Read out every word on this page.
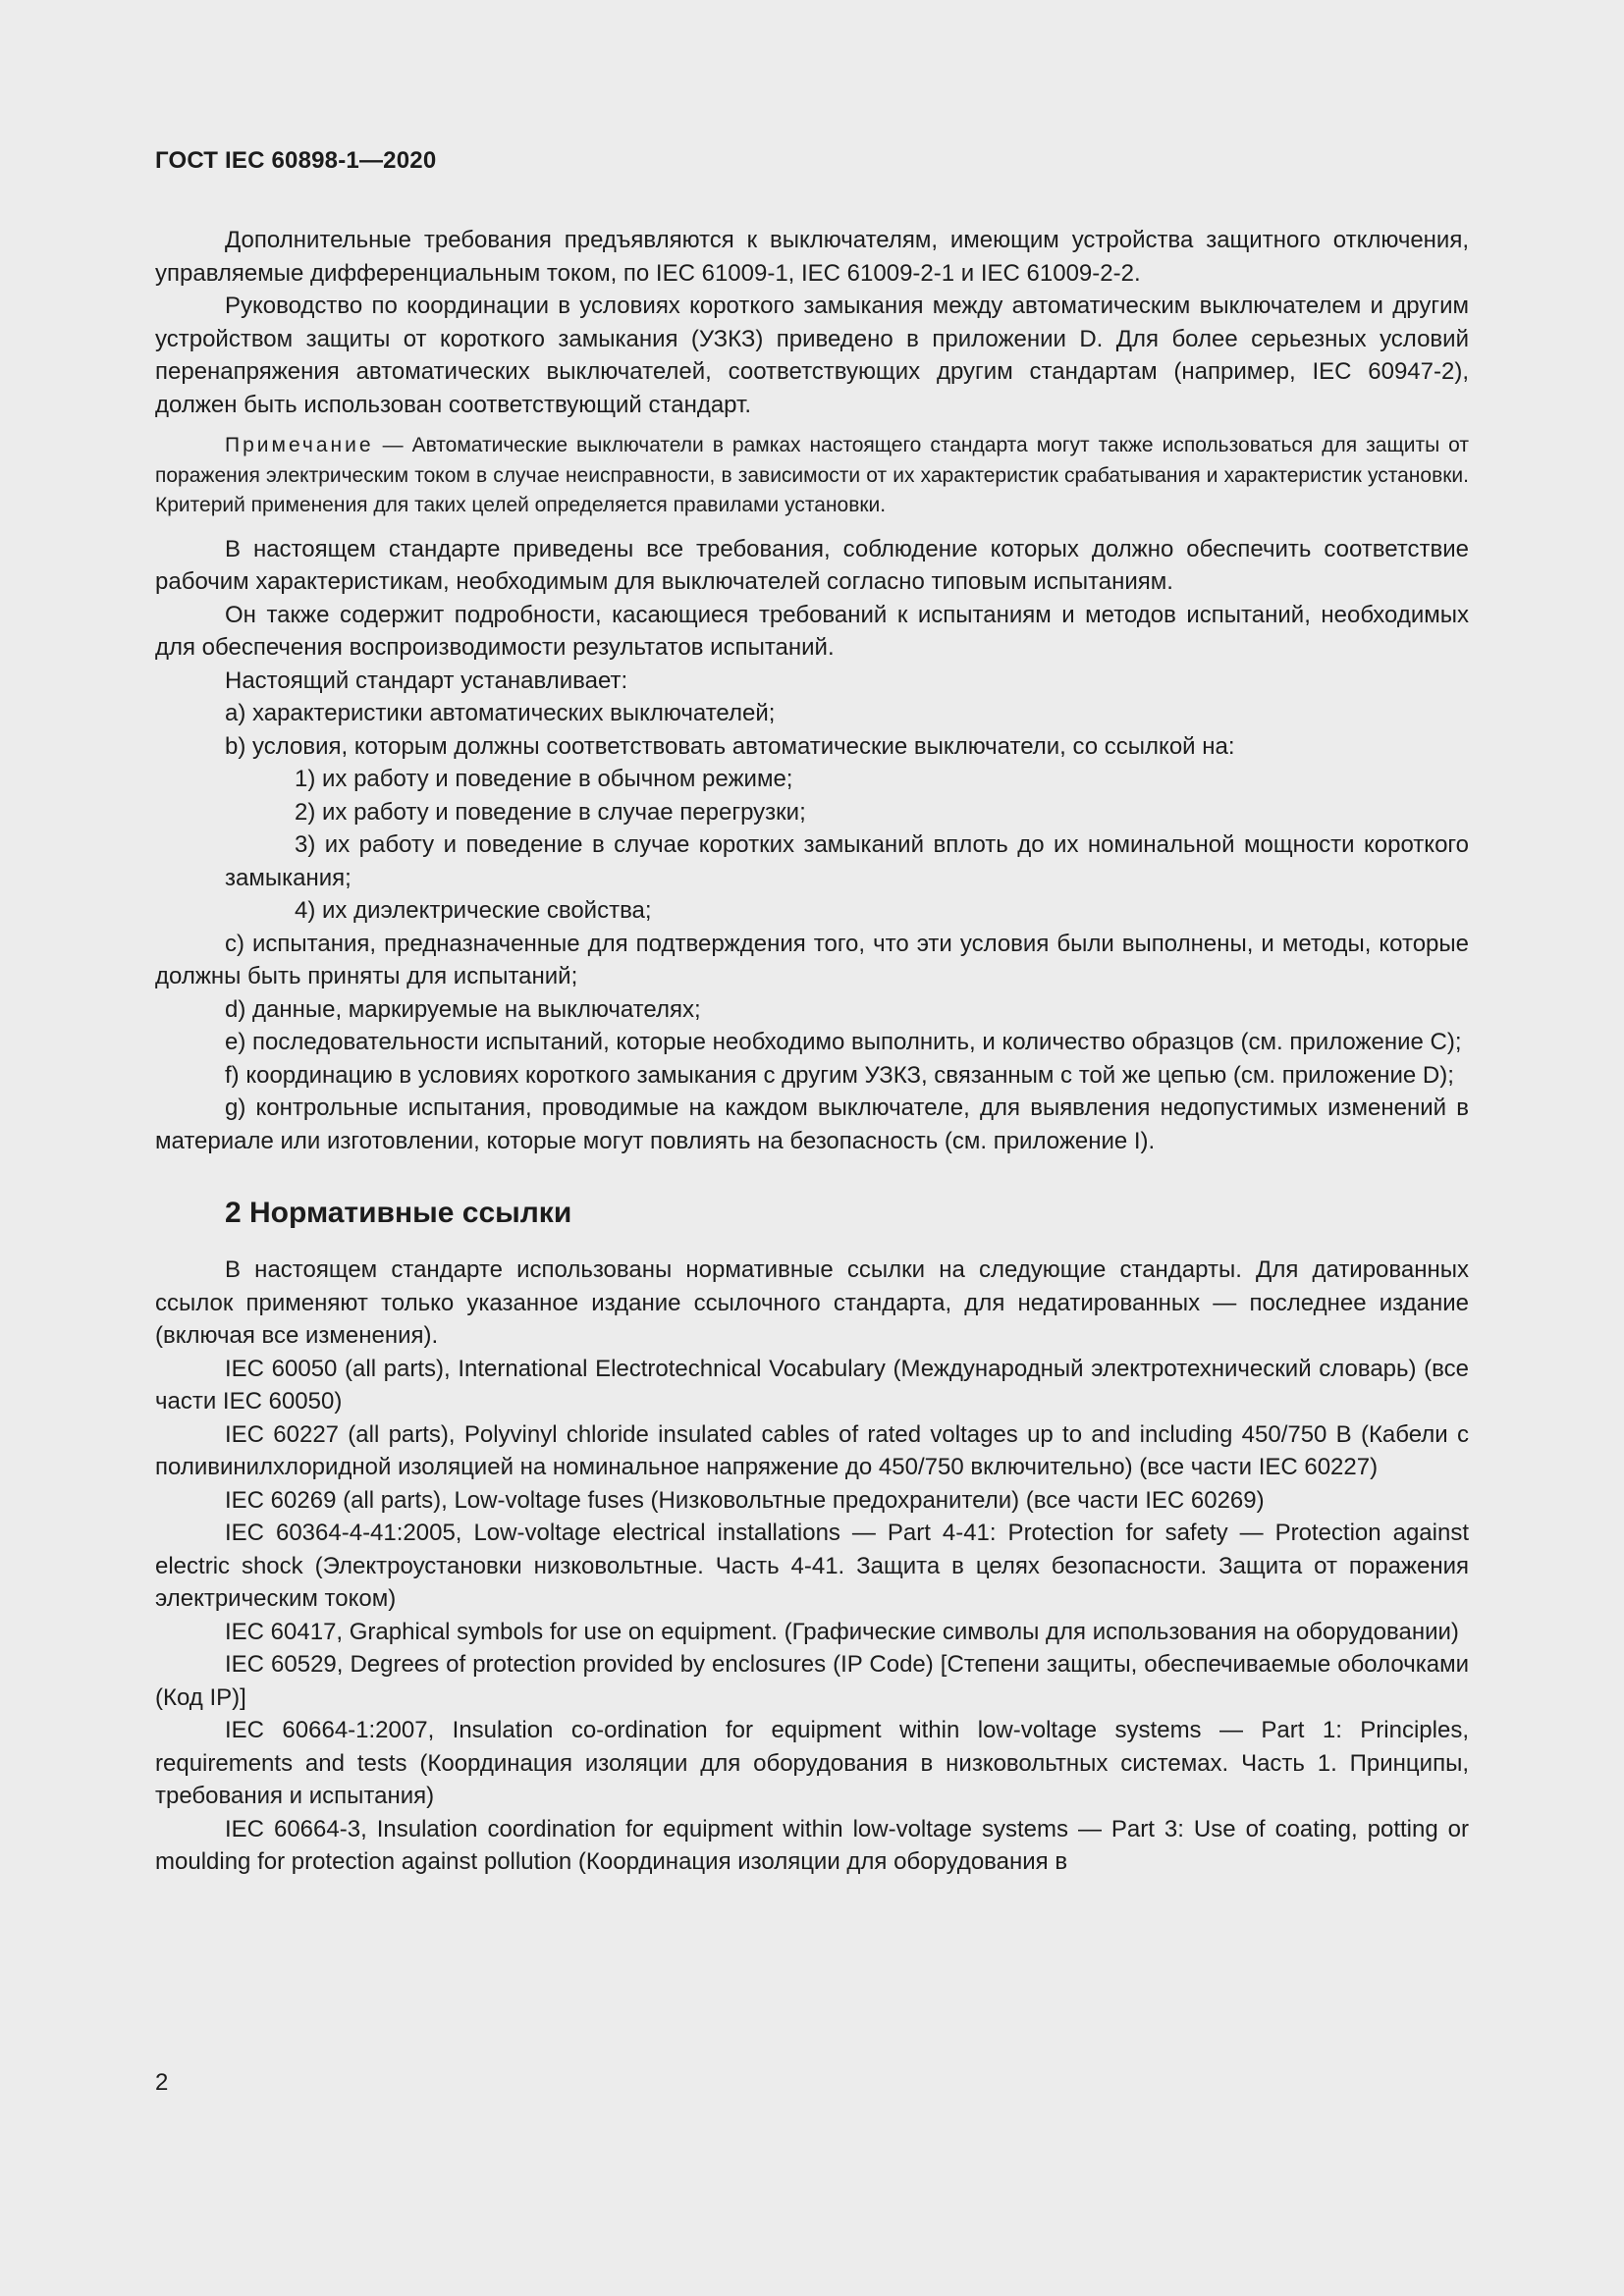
ГОСТ IEC 60898-1—2020

Дополнительные требования предъявляются к выключателям, имеющим устройства защитного отключения, управляемые дифференциальным током, по IEC 61009-1, IEC 61009-2-1 и IEC 61009-2-2.

Руководство по координации в условиях короткого замыкания между автоматическим выключателем и другим устройством защиты от короткого замыкания (УЗКЗ) приведено в приложении D. Для более серьезных условий перенапряжения автоматических выключателей, соответствующих другим стандартам (например, IEC 60947-2), должен быть использован соответствующий стандарт.

Примечание — Автоматические выключатели в рамках настоящего стандарта могут также использоваться для защиты от поражения электрическим током в случае неисправности, в зависимости от их характеристик срабатывания и характеристик установки. Критерий применения для таких целей определяется правилами установки.

В настоящем стандарте приведены все требования, соблюдение которых должно обеспечить соответствие рабочим характеристикам, необходимым для выключателей согласно типовым испытаниям.

Он также содержит подробности, касающиеся требований к испытаниям и методов испытаний, необходимых для обеспечения воспроизводимости результатов испытаний.

Настоящий стандарт устанавливает:

a) характеристики автоматических выключателей;

b) условия, которым должны соответствовать автоматические выключатели, со ссылкой на:

1) их работу и поведение в обычном режиме;

2) их работу и поведение в случае перегрузки;

3) их работу и поведение в случае коротких замыканий вплоть до их номинальной мощности короткого замыкания;

4) их диэлектрические свойства;

c) испытания, предназначенные для подтверждения того, что эти условия были выполнены, и методы, которые должны быть приняты для испытаний;

d) данные, маркируемые на выключателях;

e) последовательности испытаний, которые необходимо выполнить, и количество образцов (см. приложение C);

f) координацию в условиях короткого замыкания с другим УЗКЗ, связанным с той же цепью (см. приложение D);

g) контрольные испытания, проводимые на каждом выключателе, для выявления недопустимых изменений в материале или изготовлении, которые могут повлиять на безопасность (см. приложение I).

2 Нормативные ссылки

В настоящем стандарте использованы нормативные ссылки на следующие стандарты. Для датированных ссылок применяют только указанное издание ссылочного стандарта, для недатированных — последнее издание (включая все изменения).

IEC 60050 (all parts), International Electrotechnical Vocabulary (Международный электротехнический словарь) (все части IEC 60050)

IEC 60227 (all parts), Polyvinyl chloride insulated cables of rated voltages up to and including 450/750 В (Кабели с поливинилхлоридной изоляцией на номинальное напряжение до 450/750 включительно) (все части IEC 60227)

IEC 60269 (all parts), Low-voltage fuses (Низковольтные предохранители) (все части IEC 60269)

IEC 60364-4-41:2005, Low-voltage electrical installations — Part 4-41: Protection for safety — Protection against electric shock (Электроустановки низковольтные. Часть 4-41. Защита в целях безопасности. Защита от поражения электрическим током)

IEC 60417, Graphical symbols for use on equipment. (Графические символы для использования на оборудовании)

IEC 60529, Degrees of protection provided by enclosures (IP Code) [Степени защиты, обеспечиваемые оболочками (Код IP)]

IEC 60664-1:2007, Insulation co-ordination for equipment within low-voltage systems — Part 1: Principles, requirements and tests (Координация изоляции для оборудования в низковольтных системах. Часть 1. Принципы, требования и испытания)

IEC 60664-3, Insulation coordination for equipment within low-voltage systems — Part 3: Use of coating, potting or moulding for protection against pollution (Координация изоляции для оборудования в

2
